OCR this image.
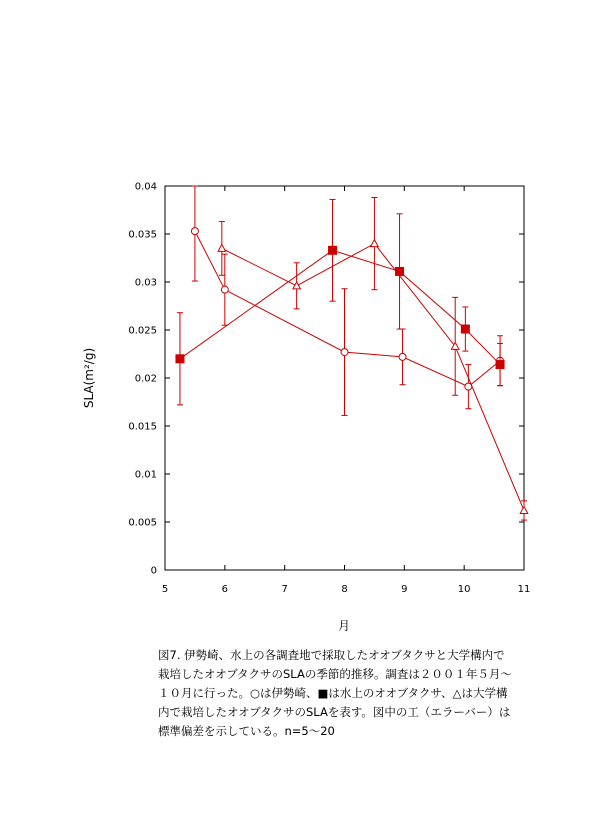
5	6	7	8	9	10	11
0
0.005
0.01
0.015
0.02
0.025
0.03
0.035
0.04
月
SLA(m²/g)
図7. 伊勢崎、水上の各調査地で採取したオオブタクサと大学構内で
栽培したオオブタクサのSLAの季節的推移。調査は２００１年５月〜
１０月に行った。○は伊勢崎、■は水上のオオブタクサ、△は大学構
内で栽培したオオブタクサのSLAを表す。図中の工（エラーバー）は
標準偏差を示している。n=5〜20
